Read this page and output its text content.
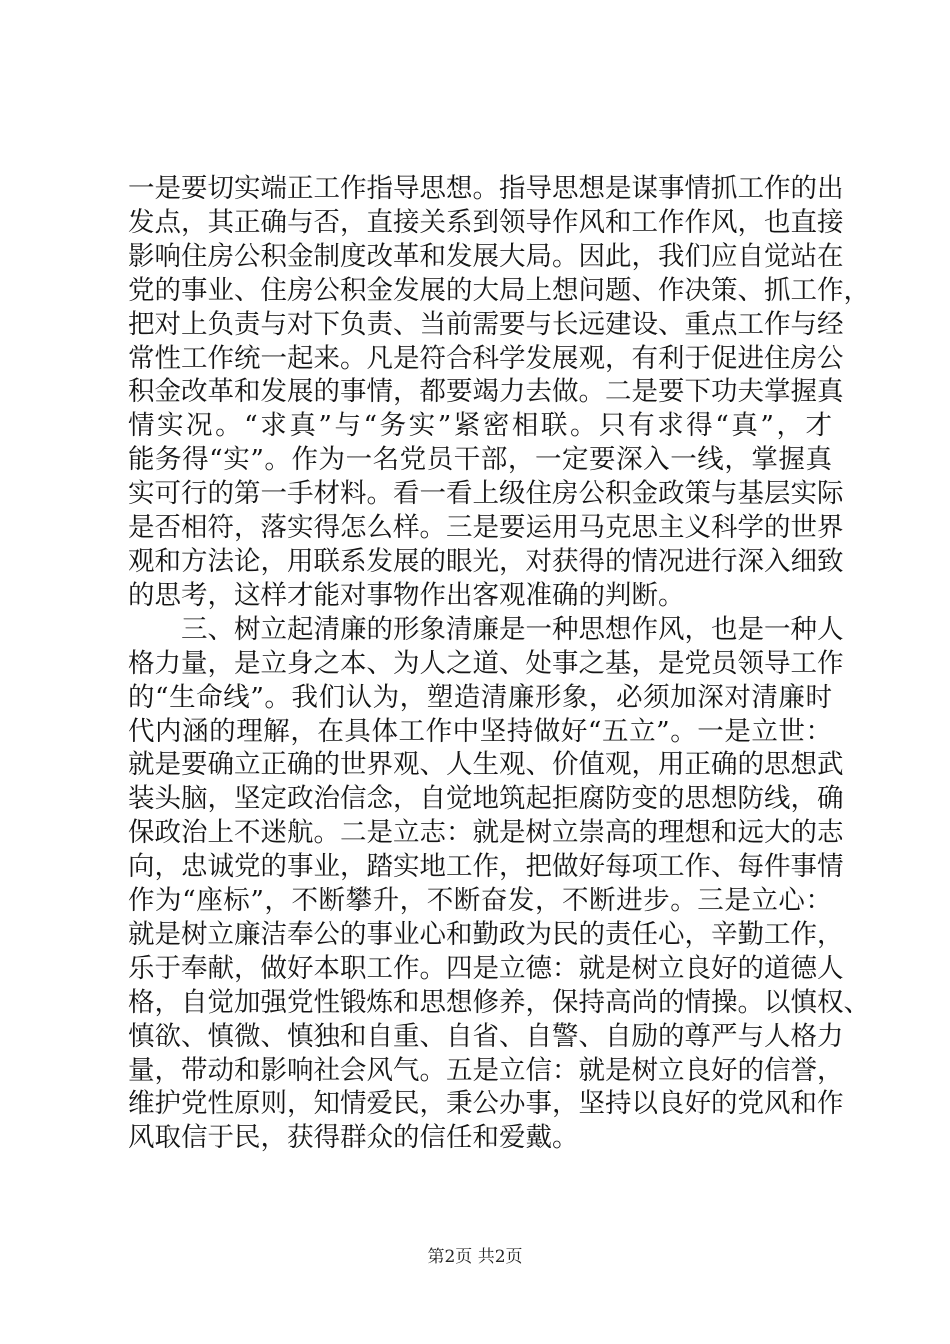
一是要切实端正工作指导思想。指导思想是谋事情抓工作的出
发点，其正确与否，直接关系到领导作风和工作作风，也直接
影响住房公积金制度改革和发展大局。因此，我们应自觉站在
党的事业、住房公积金发展的大局上想问题、作决策、抓工作，
把对上负责与对下负责、当前需要与长远建设、重点工作与经
常性工作统一起来。凡是符合科学发展观，有利于促进住房公
积金改革和发展的事情，都要竭力去做。二是要下功夫掌握真
情实况。“求真”与“务实”紧密相联。只有求得“真”，才
能务得“实”。作为一名党员干部，一定要深入一线，掌握真
实可行的第一手材料。看一看上级住房公积金政策与基层实际
是否相符，落实得怎么样。三是要运用马克思主义科学的世界
观和方法论，用联系发展的眼光，对获得的情况进行深入细致
的思考，这样才能对事物作出客观准确的判断。
三、树立起清廉的形象清廉是一种思想作风，也是一种人
格力量，是立身之本、为人之道、处事之基，是党员领导工作
的“生命线”。我们认为，塑造清廉形象，必须加深对清廉时
代内涵的理解，在具体工作中坚持做好“五立”。一是立世：
就是要确立正确的世界观、人生观、价值观，用正确的思想武
装头脑，坚定政治信念，自觉地筑起拒腐防变的思想防线，确
保政治上不迷航。二是立志：就是树立崇高的理想和远大的志
向，忠诚党的事业，踏实地工作，把做好每项工作、每件事情
作为“座标”，不断攀升，不断奋发，不断进步。三是立心：
就是树立廉洁奉公的事业心和勤政为民的责任心，辛勤工作，
乐于奉献，做好本职工作。四是立德：就是树立良好的道德人
格，自觉加强党性锻炼和思想修养，保持高尚的情操。以慎权、
慎欲、慎微、慎独和自重、自省、自警、自励的尊严与人格力
量，带动和影响社会风气。五是立信：就是树立良好的信誉，
维护党性原则，知情爱民，秉公办事，坚持以良好的党风和作
风取信于民，获得群众的信任和爱戴。
第2页 共2页
